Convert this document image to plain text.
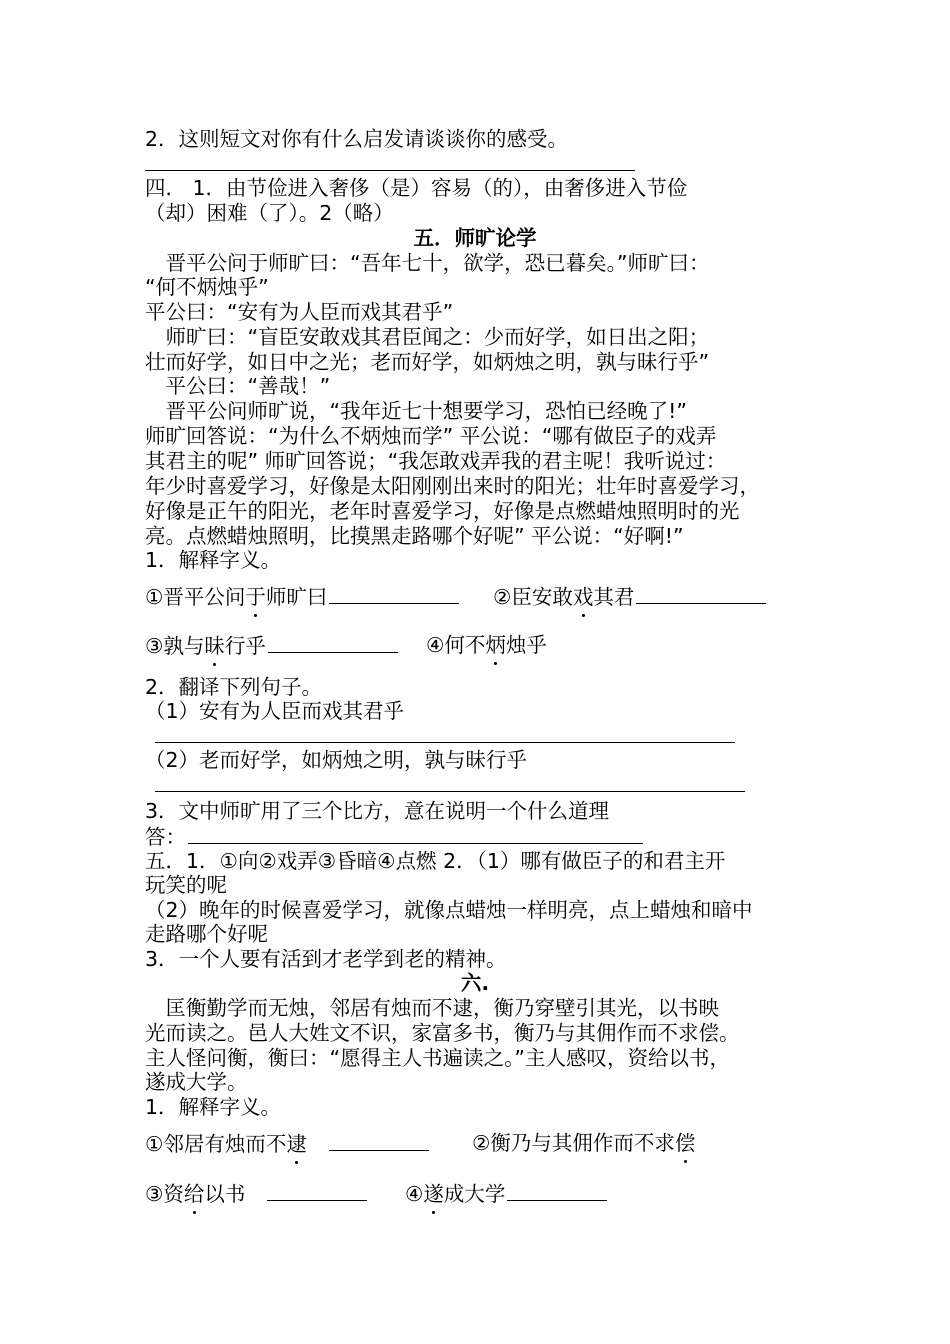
2．这则短文对你有什么启发请谈谈你的感受。
四． 1．由节俭进入奢侈（是）容易（的），由奢侈进入节俭
（却）困难（了）。2（略）
五．师旷论学
　晋平公问于师旷曰：“吾年七十，欲学，恐已暮矣。”师旷曰：
“何不炳烛乎”
平公曰：“安有为人臣而戏其君乎”
　师旷曰：“盲臣安敢戏其君臣闻之：少而好学，如日出之阳；
壮而好学，如日中之光；老而好学，如炳烛之明，孰与昧行乎”
　平公曰：“善哉！”
　晋平公问师旷说，“我年近七十想要学习，恐怕已经晚了!”
师旷回答说：“为什么不炳烛而学” 平公说：“哪有做臣子的戏弄
其君主的呢” 师旷回答说；“我怎敢戏弄我的君主呢！我听说过：
年少时喜爱学习，好像是太阳刚刚出来时的阳光；壮年时喜爱学习，
好像是正午的阳光，老年时喜爱学习，好像是点燃蜡烛照明时的光
亮。点燃蜡烛照明，比摸黑走路哪个好呢” 平公说：“好啊!”
1．解释字义。
①晋平公问于师旷曰	②臣安敢戏其君
③孰与昧行乎	④何不炳烛乎
2．翻译下列句子。
（1）安有为人臣而戏其君乎
（2）老而好学，如炳烛之明，孰与昧行乎
3．文中师旷用了三个比方，意在说明一个什么道理
答：
五．1．①向②戏弄③昏暗④点燃 2．（1）哪有做臣子的和君主开
玩笑的呢
（2）晚年的时候喜爱学习，就像点蜡烛一样明亮，点上蜡烛和暗中
走路哪个好呢
3．一个人要有活到才老学到老的精神。
六.
　匡衡勤学而无烛，邻居有烛而不逮，衡乃穿壁引其光，以书映
光而读之。邑人大姓文不识，家富多书，衡乃与其佣作而不求偿。
主人怪问衡，衡曰：“愿得主人书遍读之。”主人感叹，资给以书，
遂成大学。
1．解释字义。
①邻居有烛而不逮	②衡乃与其佣作而不求偿
③资给以书	④遂成大学
